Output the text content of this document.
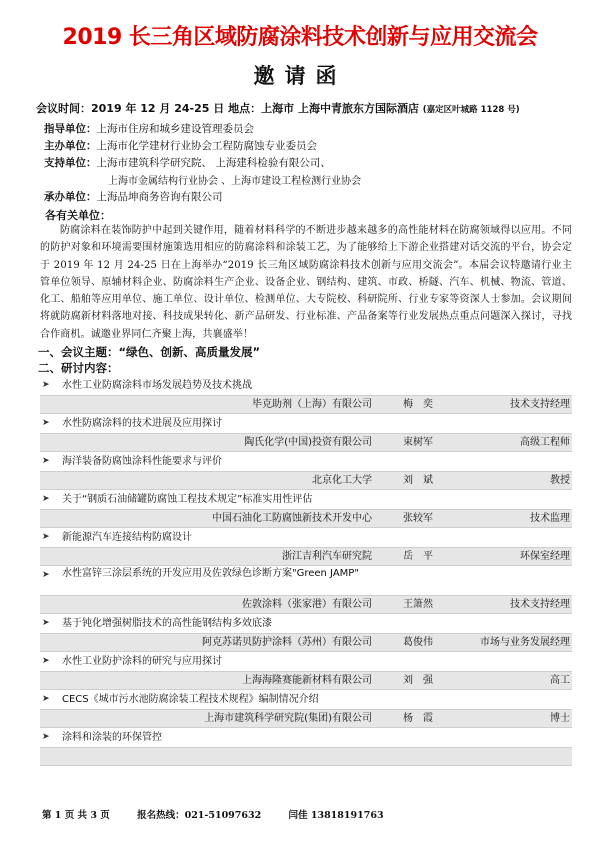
2019 长三角区域防腐涂料技术创新与应用交流会
邀请函
会议时间：2019 年 12 月 24-25 日 地点：上海市 上海中青旅东方国际酒店 (嘉定区叶城路 1128 号)
指导单位：上海市住房和城乡建设管理委员会
主办单位：上海市化学建材行业协会工程防腐蚀专业委员会
支持单位：上海市建筑科学研究院、 上海建科检验有限公司、
上海市金属结构行业协会 、上海市建设工程检测行业协会
承办单位：上海品坤商务咨询有限公司
各有关单位：
防腐涂料在装饰防护中起到关键作用，随着材料科学的不断进步越来越多的高性能材料在防腐领域得以应用。不同的防护对象和环境需要围材施策选用相应的防腐涂料和涂装工艺，为了能够给上下游企业搭建对话交流的平台，协会定于 2019 年 12 月 24-25 日在上海举办“2019 长三角区域防腐涂料技术创新与应用交流会”。本届会议特邀请行业主管单位领导、原辅材料企业、防腐涂料生产企业、设备企业、钢结构、建筑、市政、桥隧、汽车、机械、物流、管道、化工、船舶等应用单位、施工单位、设计单位、检测单位、大专院校、科研院所、行业专家等资深人士参加。会议期间将就防腐新材料落地对接、科技成果转化、新产品研发、行业标准、产品备案等行业发展热点重点问题深入探讨，寻找合作商机。诚邀业界同仁齐聚上海，共襄盛举！
一、会议主题：“绿色、创新、高质量发展”
二、研讨内容：
➤ 水性工业防腐涂料市场发展趋势及技术挑战
毕克助剂（上海）有限公司	梅　奕	技术支持经理
➤ 水性防腐涂料的技术进展及应用探讨
陶氏化学(中国)投资有限公司	束树军	高级工程师
➤ 海洋装备防腐蚀涂料性能要求与评价
北京化工大学	刘　斌	教授
➤ 关于“钢质石油储罐防腐蚀工程技术规定”标准实用性评估
中国石油化工防腐蚀新技术开发中心	张较军	技术监理
➤ 新能源汽车连接结构防腐设计
浙江吉利汽车研究院	岳　平	环保室经理
➤ 水性富锌三涂层系统的开发应用及佐敦绿色诊断方案"Green JAMP"
佐敦涂料（张家港）有限公司	王箫然	技术支持经理
➤ 基于钝化增强树脂技术的高性能钢结构多效底漆
阿克苏诺贝防护涂料（苏州）有限公司	葛俊伟	市场与业务发展经理
➤ 水性工业防护涂料的研究与应用探讨
上海海隆赛能新材料有限公司	刘　强	高工
➤ CECS《城市污水池防腐涂装工程技术规程》编制情况介绍
上海市建筑科学研究院(集团)有限公司	杨　霞	博士
➤ 涂料和涂装的环保管控
第 1 页 共 3 页	报名热线：021-51097632	闫佳 13818191763
